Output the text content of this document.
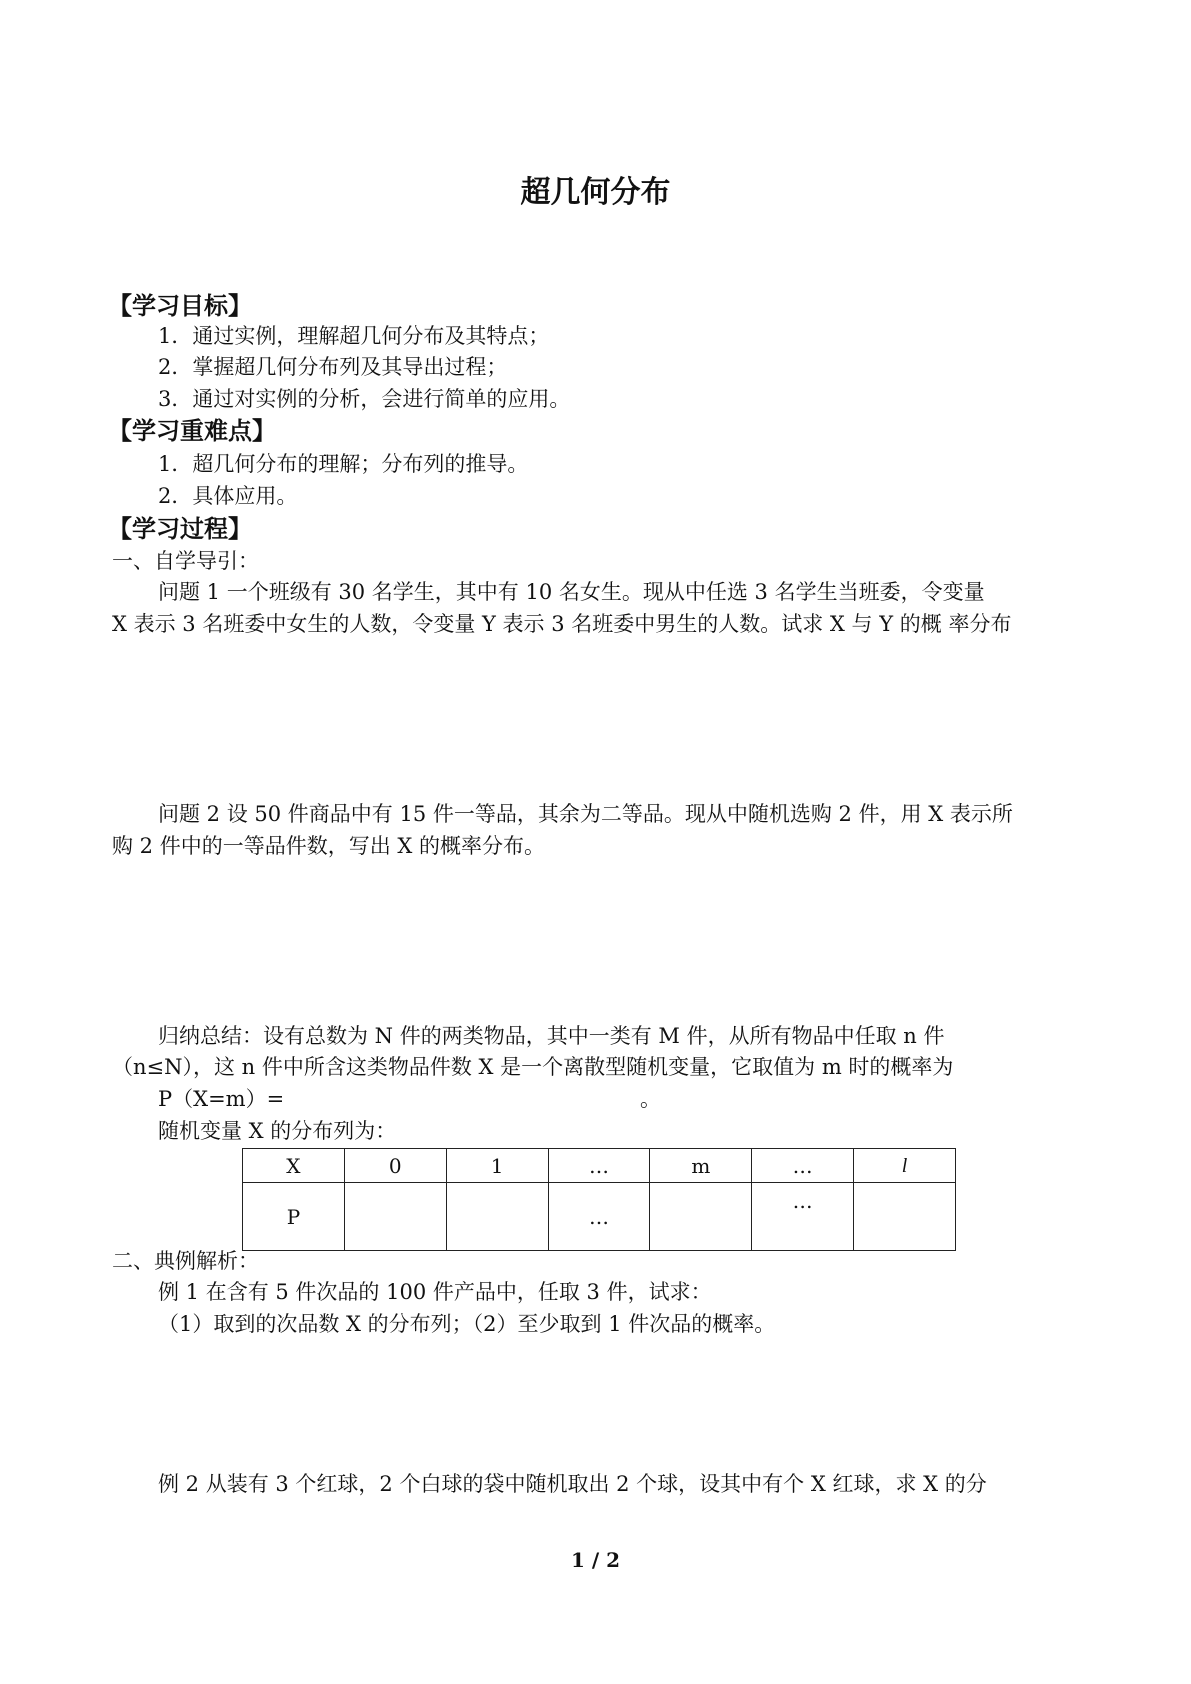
超几何分布
【学习目标】
1．通过实例，理解超几何分布及其特点；
2．掌握超几何分布列及其导出过程；
3．通过对实例的分析，会进行简单的应用。
【学习重难点】
1．超几何分布的理解；分布列的推导。
2．具体应用。
【学习过程】
一、自学导引：
问题 1 一个班级有 30 名学生，其中有 10 名女生。现从中任选 3 名学生当班委，令变量
X 表示 3 名班委中女生的人数，令变量 Y 表示 3 名班委中男生的人数。试求 X 与 Y 的概 率分布
问题 2 设 50 件商品中有 15 件一等品，其余为二等品。现从中随机选购 2 件，用 X 表示所
购 2 件中的一等品件数，写出 X 的概率分布。
归纳总结：设有总数为 N 件的两类物品，其中一类有 M 件，从所有物品中任取 n 件
（n≤N），这 n 件中所含这类物品件数 X 是一个离散型随机变量，它取值为 m 时的概率为
P（X=m）=	。
随机变量 X 的分布列为：
X	0	1	…	m	…	l
P			…		…	
二、典例解析：
例 1 在含有 5 件次品的 100 件产品中，任取 3 件，试求：
（1）取到的次品数 X 的分布列；（2）至少取到 1 件次品的概率。
例 2 从装有 3 个红球，2 个白球的袋中随机取出 2 个球，设其中有个 X 红球，求 X 的分
1 / 2
